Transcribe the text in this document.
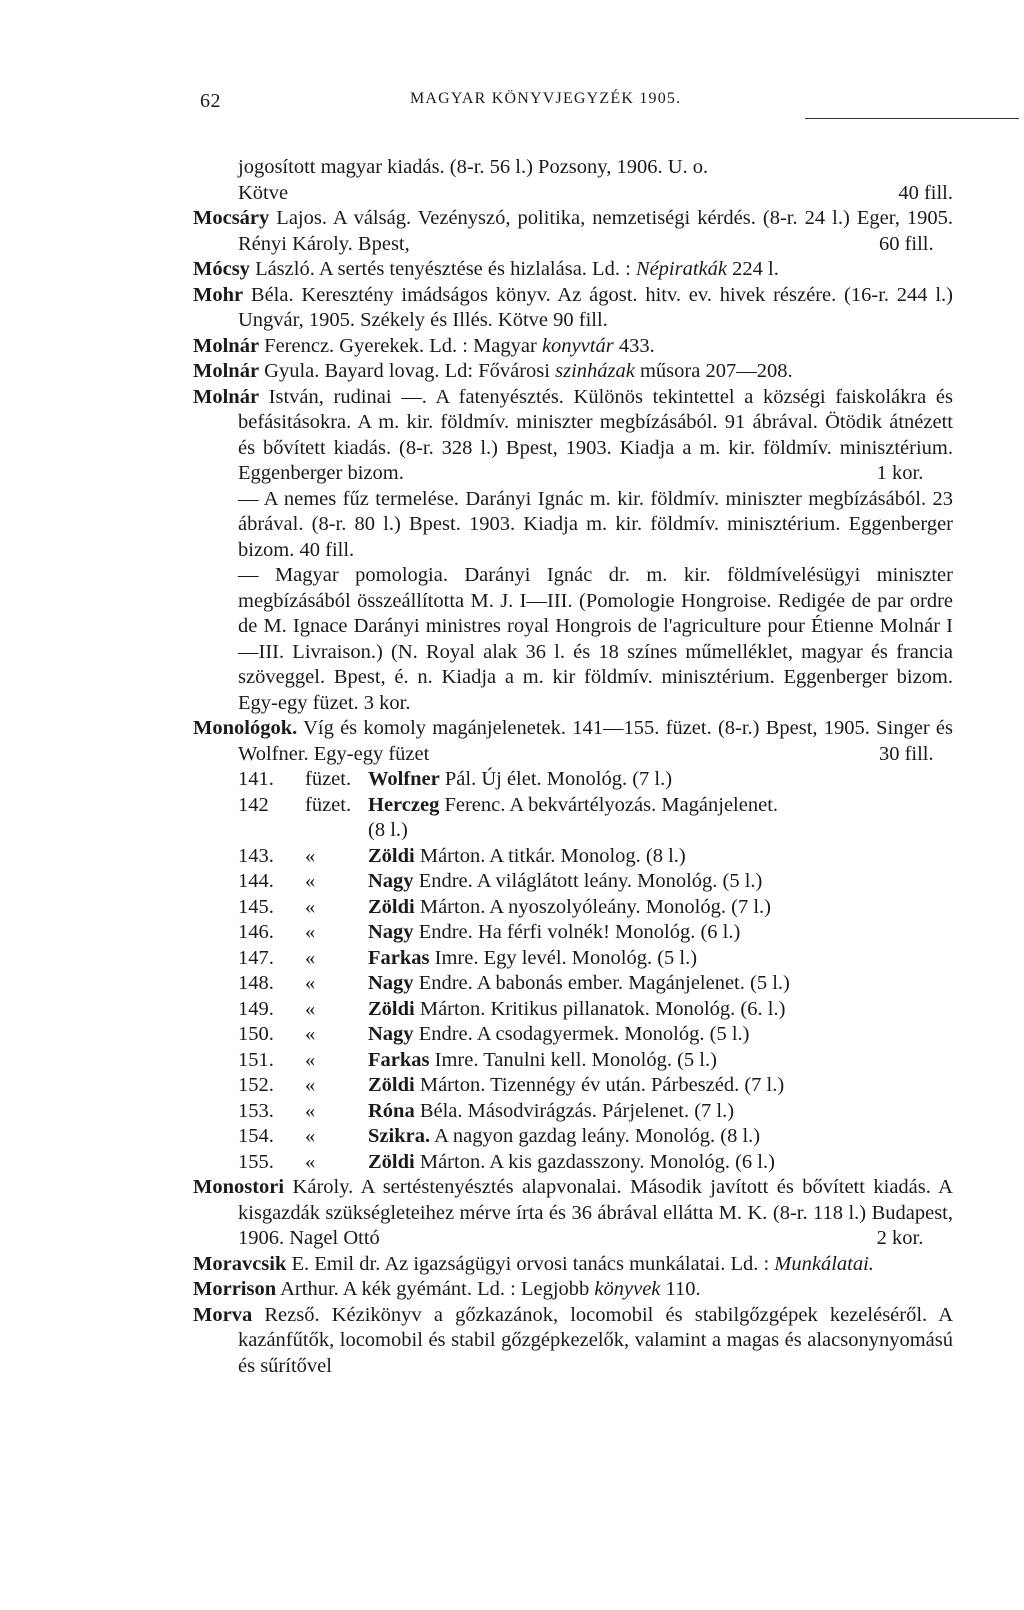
62	MAGYAR KÖNYVJEGYZÉK 1905.

jogosított magyar kiadás. (8-r. 56 l.) Pozsony, 1906. U. o.
Kötve	40 fill.

Mocsáry Lajos. A válság. Vezényszó, politika, nemzetiségi kérdés. (8-r. 24 l.) Eger, 1905. Rényi Károly. Bpest,	60 fill.

Mócsy László. A sertés tenyésztése és hizlalása. Ld. : Népiratkák 224 l.

Mohr Béla. Keresztény imádságos könyv. Az ágost. hitv. ev. hivek részére. (16-r. 244 l.) Ungvár, 1905. Székely és Illés. Kötve 90 fill.

Molnár Ferencz. Gyerekek. Ld. : Magyar konyvtár 433.

Molnár Gyula. Bayard lovag. Ld: Fővárosi szinházak műsora 207—208.

Molnár István, rudinai —. A fatenyésztés. Különös tekintettel a községi faiskolákra és befásitásokra. A m. kir. földmív. miniszter megbízásából. 91 ábrával. Ötödik átnézett és bővített kiadás. (8-r. 328 l.) Bpest, 1903. Kiadja a m. kir. földmív. minisztérium. Eggenberger bizom.	1 kor.

— A nemes fűz termelése. Darányi Ignác m. kir. földmív. miniszter megbízásából. 23 ábrával. (8-r. 80 l.) Bpest. 1903. Kiadja m. kir. földmív. minisztérium. Eggenberger bizom. 40 fill.

— Magyar pomologia. Darányi Ignác dr. m. kir. földmívelésügyi miniszter megbízásából összeállította M. J. I—III. (Pomologie Hongroise. Redigée de par ordre de M. Ignace Darányi ministres royal Hongrois de l'agriculture pour Étienne Molnár I—III. Livraison.) (N. Royal alak 36 l. és 18 színes műmelléklet, magyar és francia szöveggel. Bpest, é. n. Kiadja a m. kir földmív. minisztérium. Eggenberger bizom. Egy-egy füzet. 3 kor.

Monológok. Víg és komoly magánjelenetek. 141—155. füzet. (8-r.) Bpest, 1905. Singer és Wolfner. Egy-egy füzet	30 fill.

141. füzet. Wolfner Pál. Új élet. Monológ. (7 l.)
142 füzet. Herczeg Ferenc. A bekvártélyozás. Magánjelenet.
(8 l.)
143. «	Zöldi Márton. A titkár. Monolog. (8 l.)
144. «	Nagy Endre. A világlátott leány. Monológ. (5 l.)
145. «	Zöldi Márton. A nyoszolyóleány. Monológ. (7 l.)
146. «	Nagy Endre. Ha férfi volnék! Monológ. (6 l.)
147. «	Farkas Imre. Egy levél. Monológ. (5 l.)
148. «	Nagy Endre. A babonás ember. Magánjelenet. (5 l.)
149. «	Zöldi Márton. Kritikus pillanatok. Monológ. (6. l.)
150. «	Nagy Endre. A csodagyermek. Monológ. (5 l.)
151. «	Farkas Imre. Tanulni kell. Monológ. (5 l.)
152. «	Zöldi Márton. Tizennégy év után. Párbeszéd. (7 l.)
153. «	Róna Béla. Másodvirágzás. Párjelenet. (7 l.)
154. «	Szikra. A nagyon gazdag leány. Monológ. (8 l.)
155. «	Zöldi Márton. A kis gazdasszony. Monológ. (6 l.)

Monostori Károly. A sertéstenyésztés alapvonalai. Második javított és bővített kiadás. A kisgazdák szükségleteihez mérve írta és 36 ábrával ellátta M. K. (8-r. 118 l.) Budapest, 1906. Nagel Ottó	2 kor.

Moravcsik E. Emil dr. Az igazságügyi orvosi tanács munkálatai. Ld. : Munkálatai.

Morrison Arthur. A kék gyémánt. Ld. : Legjobb könyvek 110.

Morva Rezső. Kézikönyv a gőzkazánok, locomobil és stabilgőzgépek kezeléséről. A kazánfűtők, locomobil és stabil gőzgépkezelők, valamint a magas és alacsonynyomású és sűrítővel
